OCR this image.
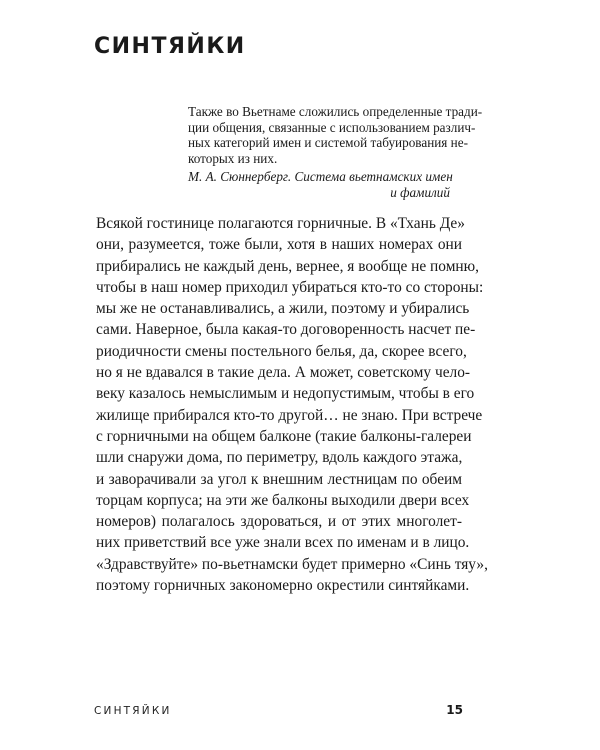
СИНТЯЙКИ
Также во Вьетнаме сложились определенные тради-
ции общения, связанные с использованием различ-
ных категорий имен и системой табуирования не-
которых из них.
М. А. Сюннерберг. Система вьетнамских имен
и фамилий
Всякой гостинице полагаются горничные. В «Тхань Де»
они, разумеется, тоже были, хотя в наших номерах они
прибирались не каждый день, вернее, я вообще не помню,
чтобы в наш номер приходил убираться кто-то со стороны:
мы же не останавливались, а жили, поэтому и убирались
сами. Наверное, была какая-то договоренность насчет пе-
риодичности смены постельного белья, да, скорее всего,
но я не вдавался в такие дела. А может, советскому чело-
веку казалось немыслимым и недопустимым, чтобы в его
жилище прибирался кто-то другой… не знаю. При встрече
с горничными на общем балконе (такие балконы-галереи
шли снаружи дома, по периметру, вдоль каждого этажа,
и заворачивали за угол к внешним лестницам по обеим
торцам корпуса; на эти же балконы выходили двери всех
номеров) полагалось здороваться, и от этих многолет-
них приветствий все уже знали всех по именам и в лицо.
«Здравствуйте» по-вьетнамски будет примерно «Синь тяу»,
поэтому горничных закономерно окрестили синтяйками.
СИНТЯЙКИ	15
